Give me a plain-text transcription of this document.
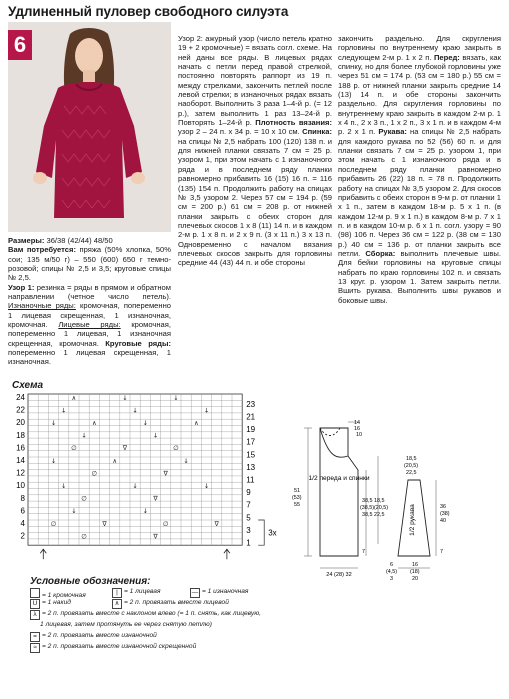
Удлиненный пуловер свободного силуэта
6

Размеры: 36/38 (42/44) 48/50

Вам потребуется: пряжа (50% хлопка, 50% сои; 135 м/50 г) – 550 (600) 650 г темно-розовой; спицы № 2,5 и 3,5; круговые спицы № 2,5.

Узор 1: резинка = ряды в прямом и обратном направлении (четное число петель). Изнаночные ряды: кромочная, попеременно 1 лицевая скрещенная, 1 изнаночная, кромочная. Лицевые ряды: кромочная, попеременно 1 лицевая, 1 изнаночная скрещенная, кромочная. Круговые ряды: попеременно 1 лицевая скрещенная, 1 изнаночная.

Узор 2: ажурный узор (число петель кратно 19 + 2 кромочные) = вязать согл. схеме. На ней даны все ряды. В лицевых рядах начать с петли перед правой стрелкой, постоянно повторять раппорт из 19 п. между стрелками, закончить петлей после левой стрелки; в изнаночных рядах вязать наоборот. Выполнить 3 раза 1–4-й р. (= 12 р.), затем выполнить 1 раз 13–24-й р. Повторять 1–24-й р. Плотность вязания: узор 2 – 24 п. x 34 р. = 10 x 10 см. Спинка: на спицы № 2,5 набрать 100 (120) 138 п. и для нижней планки связать 7 см = 25 р. узором 1, при этом начать с 1 изнаночного ряда и в последнем ряду планки равномерно прибавить 16 (15) 16 п. = 116 (135) 154 п. Продолжить работу на спицах № 3,5 узором 2. Через 57 см = 194 р. (59 см = 200 р.) 61 см = 208 р. от нижней планки закрыть с обеих сторон для плечевых скосов 1 x 8 (11) 14 п. и в каждом 2-м р. 1 x 8 п. и 2 x 9 п. (3 x 11 п.) 3 x 13 п. Одновременно с началом вязания плечевых скосов закрыть для горловины средние 44 (43) 44 п. и обе стороны

закончить раздельно. Для скругления горловины по внутреннему краю закрыть в следующем 2-м р. 1 x 2 п. Перед: вязать, как спинку, но для более глубокой горловины уже через 51 см = 174 р. (53 см = 180 р.) 55 см = 188 р. от нижней планки закрыть средние 14 (13) 14 п. и обе стороны закончить раздельно. Для скругления горловины по внутреннему краю закрыть в каждом 2-м р. 1 x 4 п., 2 x 3 п., 1 x 2 п., 3 x 1 п. и в каждом 4-м р. 2 x 1 п. Рукава: на спицы № 2,5 набрать для каждого рукава по 52 (56) 60 п. и для планки связать 7 см = 25 р. узором 1, при этом начать с 1 изнаночного ряда и в последнем ряду планки равномерно прибавить 26 (22) 18 п. = 78 п. Продолжить работу на спицах № 3,5 узором 2. Для скосов прибавить с обеих сторон в 9-м р. от планки 1 x 1 п., затем в каждом 18-м р. 5 x 1 п. (в каждом 12-м р. 9 x 1 п.) в каждом 8-м р. 7 x 1 п. и в каждом 10-м р. 6 x 1 п. согл. узору = 90 (98) 106 п. Через 36 см = 122 р. (38 см = 130 р.) 40 см = 136 р. от планки закрыть все петли. Сборка: выполнить плечевые швы. Для бейки горловины на круговые спицы набрать по краю горловины 102 п. и связать 13 круг. р. узором 1. Затем закрыть петли. Вшить рукава. Выполнить швы рукавов и боковые швы.

Схема
24
22
20
18
16
14
12
10
8
6
4
2
23
21
19
17
15
13
11
9
7
5
3
1
3x
∧	↓	↓
↓	↓	↓
↓	∧	↓	∧
↓	↓
∅	∇	∅
↓	∧	↓
∅	∇
↓	↓	↓
∅	∇
↓	↓
∅	∇	∅	∇
∅	∇
1/2 переда и спинки
14
16
10
51
(53)
55
38,5
(38,5)
38,5
18,5
(20,5)
22,5
7
24 (28) 32
1/2 рукава
18,5
(20,5)
22,5
36
(38)
40
7
6
(4,5)
3
16
(18)
20
Условные обозначения:
= 1 кромочная	| = 1 лицевая	— = 1 изнаночная
U = 1 накид	∧ = 2 п. провязать вместе лицевой
λ = 2 п. провязать вместе с наклоном влево (= 1 п. снять, как лицевую,
1 лицевая, затем протянуть ее через снятую петлю)
= = 2 п. провязать вместе изнаночной
≈ = 2 п. провязать вместе изнаночной скрещенной
